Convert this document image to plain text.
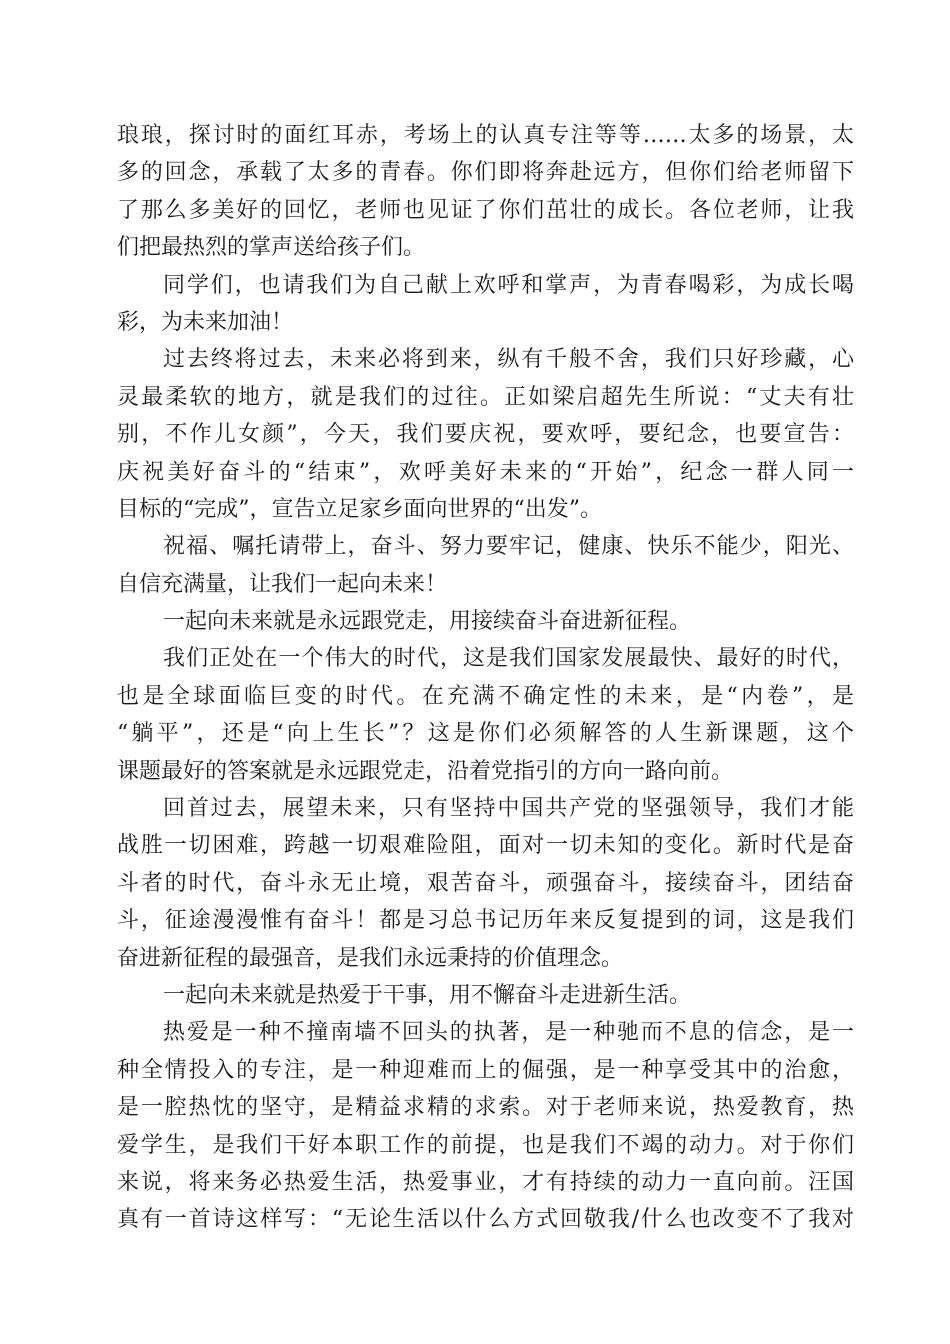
琅琅，探讨时的面红耳赤，考场上的认真专注等等……太多的场景，太
多的回念，承载了太多的青春。你们即将奔赴远方，但你们给老师留下
了那么多美好的回忆，老师也见证了你们茁壮的成长。各位老师，让我
们把最热烈的掌声送给孩子们。
同学们，也请我们为自己献上欢呼和掌声，为青春喝彩，为成长喝
彩，为未来加油！
过去终将过去，未来必将到来，纵有千般不舍，我们只好珍藏，心
灵最柔软的地方，就是我们的过往。正如梁启超先生所说：“丈夫有壮
别，不作儿女颜”，今天，我们要庆祝，要欢呼，要纪念，也要宣告：
庆祝美好奋斗的“结束”，欢呼美好未来的“开始”，纪念一群人同一
目标的“完成”，宣告立足家乡面向世界的“出发”。
祝福、嘱托请带上，奋斗、努力要牢记，健康、快乐不能少，阳光、
自信充满量，让我们一起向未来！
一起向未来就是永远跟党走，用接续奋斗奋进新征程。
我们正处在一个伟大的时代，这是我们国家发展最快、最好的时代，
也是全球面临巨变的时代。在充满不确定性的未来，是“内卷”，是
“躺平”，还是“向上生长”？这是你们必须解答的人生新课题，这个
课题最好的答案就是永远跟党走，沿着党指引的方向一路向前。
回首过去，展望未来，只有坚持中国共产党的坚强领导，我们才能
战胜一切困难，跨越一切艰难险阻，面对一切未知的变化。新时代是奋
斗者的时代，奋斗永无止境，艰苦奋斗，顽强奋斗，接续奋斗，团结奋
斗，征途漫漫惟有奋斗！都是习总书记历年来反复提到的词，这是我们
奋进新征程的最强音，是我们永远秉持的价值理念。
一起向未来就是热爱于干事，用不懈奋斗走进新生活。
热爱是一种不撞南墙不回头的执著，是一种驰而不息的信念，是一
种全情投入的专注，是一种迎难而上的倔强，是一种享受其中的治愈，
是一腔热忱的坚守，是精益求精的求索。对于老师来说，热爱教育，热
爱学生，是我们干好本职工作的前提，也是我们不竭的动力。对于你们
来说，将来务必热爱生活，热爱事业，才有持续的动力一直向前。汪国
真有一首诗这样写：“无论生活以什么方式回敬我/什么也改变不了我对
